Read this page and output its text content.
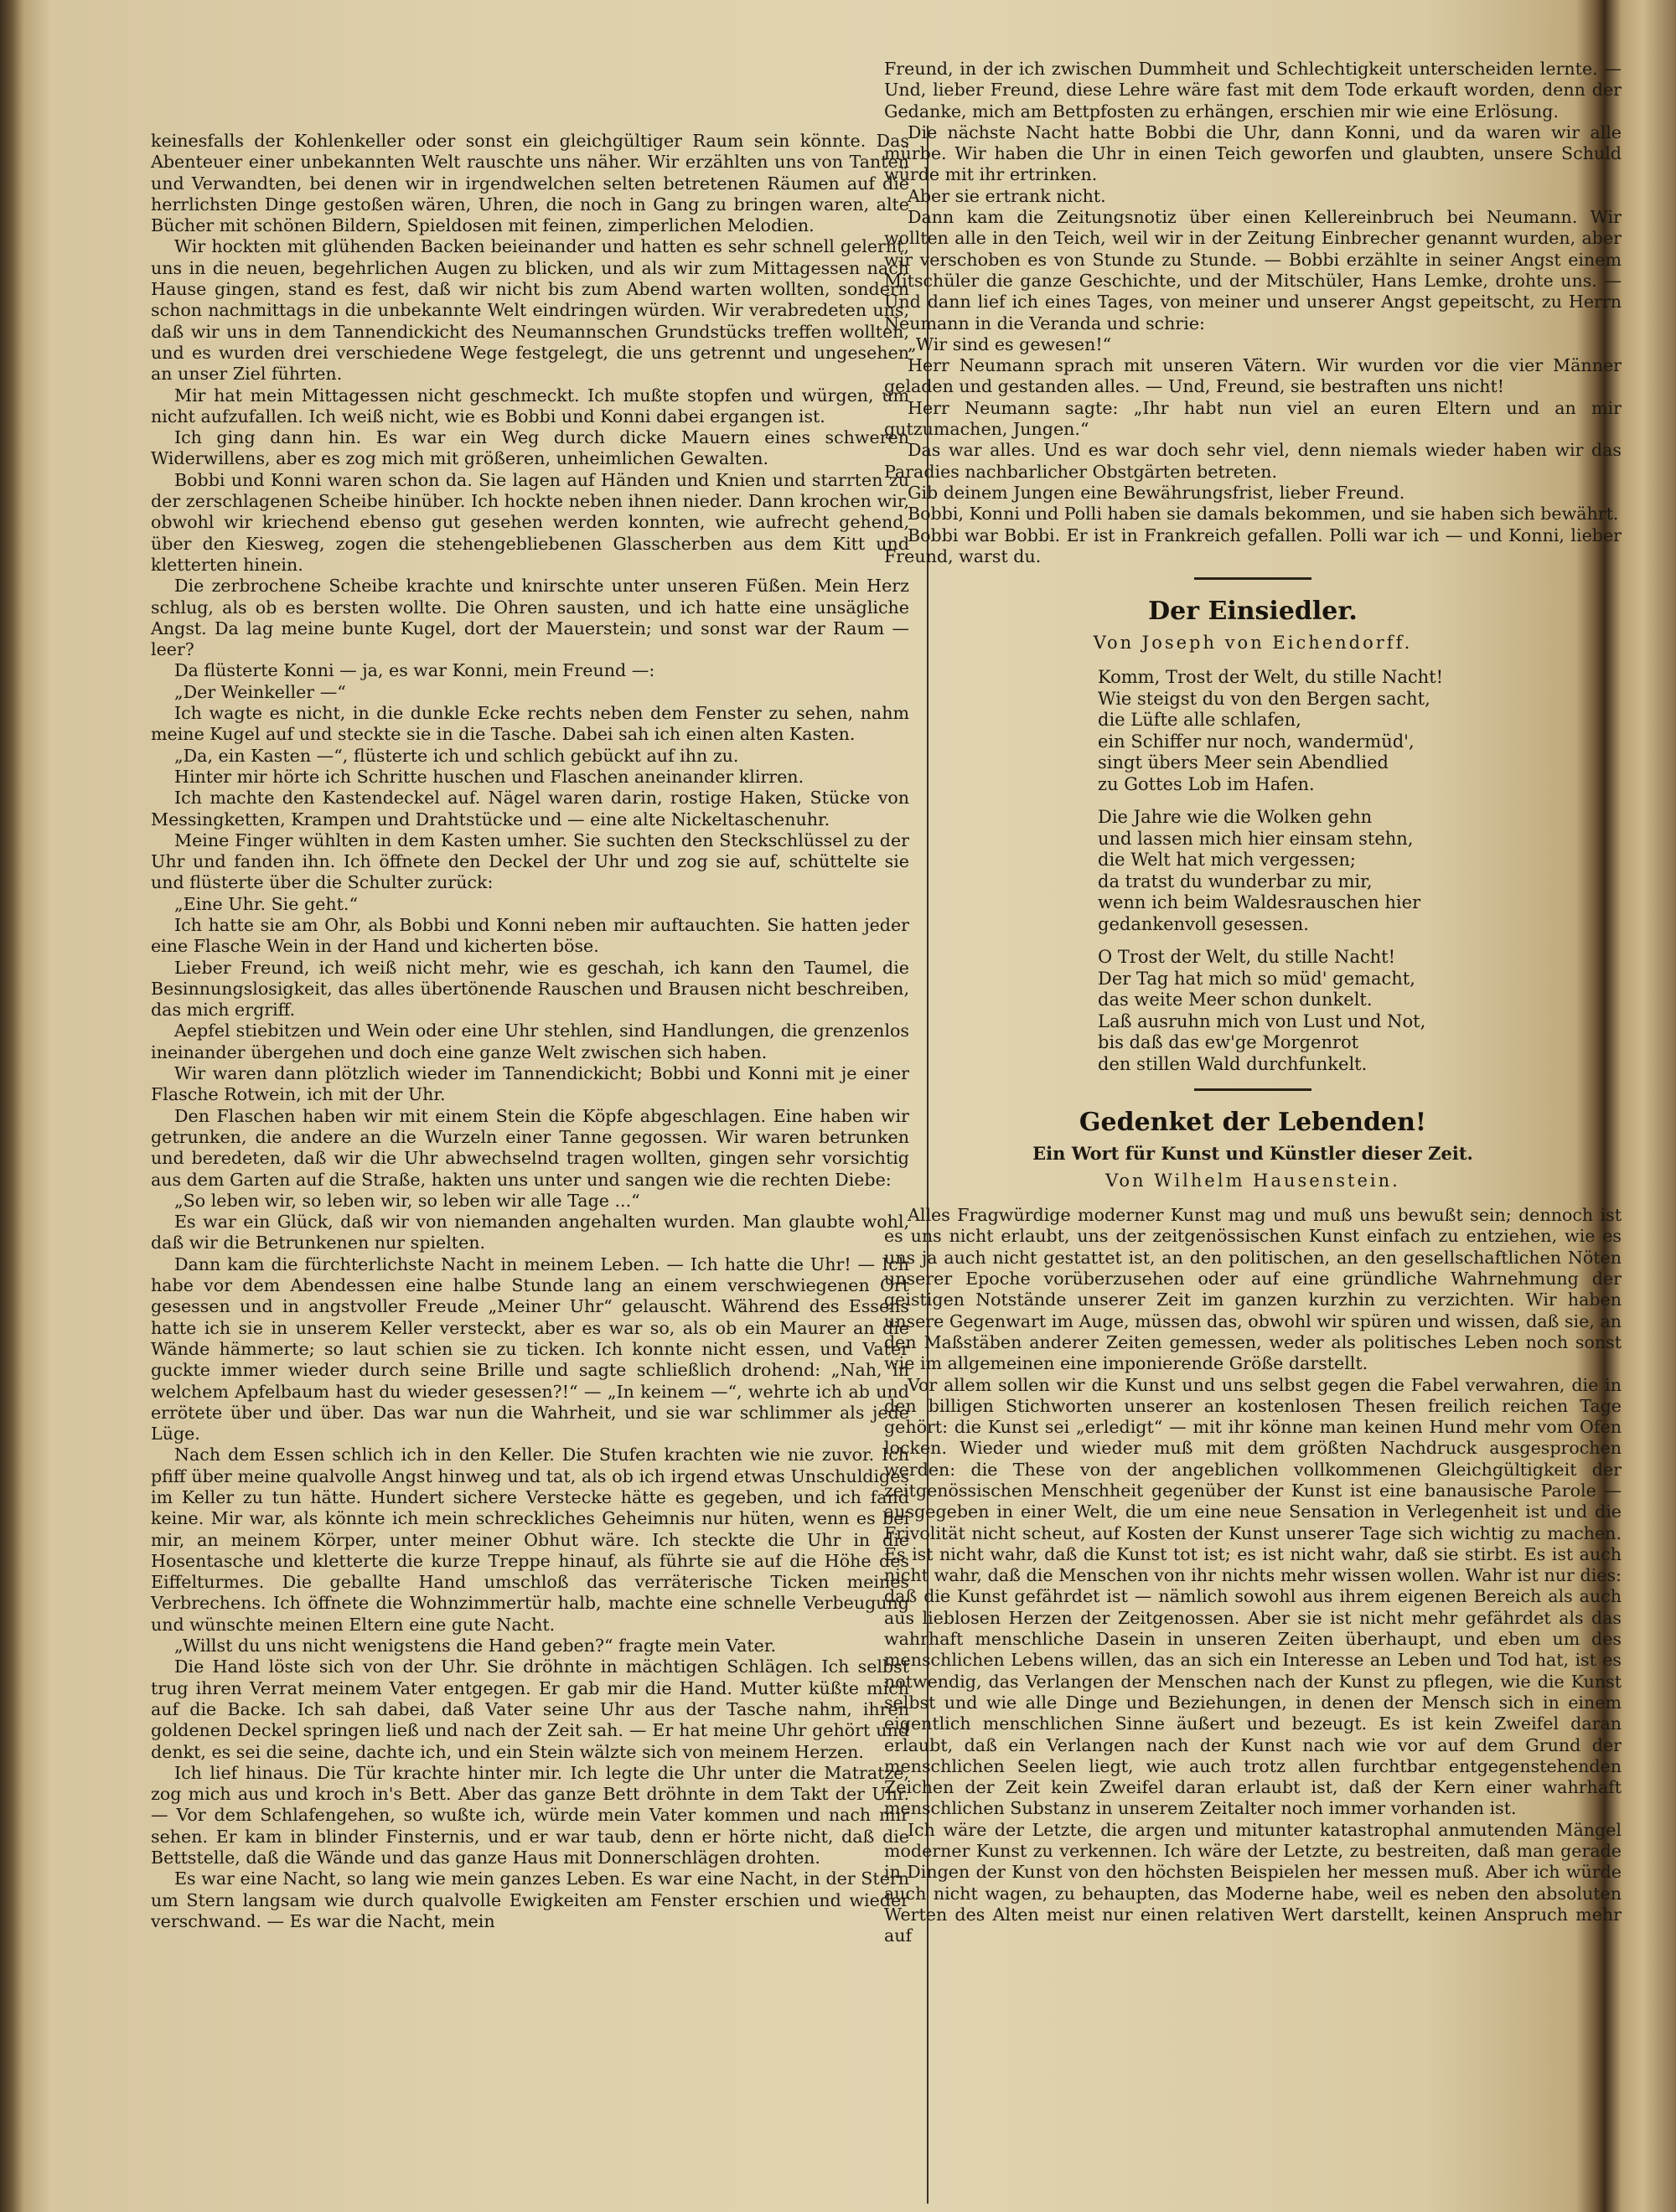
keinesfalls der Kohlenkeller oder sonst ein gleichgültiger Raum sein könnte. Das Abenteuer einer unbekannten Welt rauschte uns näher. Wir erzählten uns von Tanten und Verwandten, bei denen wir in irgendwelchen selten betretenen Räumen auf die herrlichsten Dinge gestoßen wären, Uhren, die noch in Gang zu bringen waren, alte Bücher mit schönen Bildern, Spieldosen mit feinen, zimperlichen Melodien.

Wir hockten mit glühenden Backen beieinander und hatten es sehr schnell gelernt, uns in die neuen, begehrlichen Augen zu blicken, und als wir zum Mittagessen nach Hause gingen, stand es fest, daß wir nicht bis zum Abend warten wollten, sondern schon nachmittags in die unbekannte Welt eindringen würden. Wir verabredeten uns, daß wir uns in dem Tannendickicht des Neumannschen Grundstücks treffen wollten, und es wurden drei verschiedene Wege festgelegt, die uns getrennt und ungesehen an unser Ziel führten.

Mir hat mein Mittagessen nicht geschmeckt. Ich mußte stopfen und würgen, um nicht aufzufallen. Ich weiß nicht, wie es Bobbi und Konni dabei ergangen ist.

Ich ging dann hin. Es war ein Weg durch dicke Mauern eines schweren Widerwillens, aber es zog mich mit größeren, unheimlichen Gewalten.

Bobbi und Konni waren schon da. Sie lagen auf Händen und Knien und starrten zu der zerschlagenen Scheibe hinüber. Ich hockte neben ihnen nieder. Dann krochen wir, obwohl wir kriechend ebenso gut gesehen werden konnten, wie aufrecht gehend, über den Kiesweg, zogen die stehengebliebenen Glasscherben aus dem Kitt und kletterten hinein.

Die zerbrochene Scheibe krachte und knirschte unter unseren Füßen. Mein Herz schlug, als ob es bersten wollte. Die Ohren sausten, und ich hatte eine unsägliche Angst. Da lag meine bunte Kugel, dort der Mauerstein; und sonst war der Raum — leer?

Da flüsterte Konni — ja, es war Konni, mein Freund —:

„Der Weinkeller —“

Ich wagte es nicht, in die dunkle Ecke rechts neben dem Fenster zu sehen, nahm meine Kugel auf und steckte sie in die Tasche. Dabei sah ich einen alten Kasten.

„Da, ein Kasten —“, flüsterte ich und schlich gebückt auf ihn zu.

Hinter mir hörte ich Schritte huschen und Flaschen aneinander klirren.

Ich machte den Kastendeckel auf. Nägel waren darin, rostige Haken, Stücke von Messingketten, Krampen und Drahtstücke und — eine alte Nickeltaschenuhr.

Meine Finger wühlten in dem Kasten umher. Sie suchten den Steckschlüssel zu der Uhr und fanden ihn. Ich öffnete den Deckel der Uhr und zog sie auf, schüttelte sie und flüsterte über die Schulter zurück:

„Eine Uhr. Sie geht.“

Ich hatte sie am Ohr, als Bobbi und Konni neben mir auftauchten. Sie hatten jeder eine Flasche Wein in der Hand und kicherten böse.

Lieber Freund, ich weiß nicht mehr, wie es geschah, ich kann den Taumel, die Besinnungslosigkeit, das alles übertönende Rauschen und Brausen nicht beschreiben, das mich ergriff.

Aepfel stiebitzen und Wein oder eine Uhr stehlen, sind Handlungen, die grenzenlos ineinander übergehen und doch eine ganze Welt zwischen sich haben.

Wir waren dann plötzlich wieder im Tannendickicht; Bobbi und Konni mit je einer Flasche Rotwein, ich mit der Uhr.

Den Flaschen haben wir mit einem Stein die Köpfe abgeschlagen. Eine haben wir getrunken, die andere an die Wurzeln einer Tanne gegossen. Wir waren betrunken und beredeten, daß wir die Uhr abwechselnd tragen wollten, gingen sehr vorsichtig aus dem Garten auf die Straße, hakten uns unter und sangen wie die rechten Diebe:

„So leben wir, so leben wir, so leben wir alle Tage ...“

Es war ein Glück, daß wir von niemanden angehalten wurden. Man glaubte wohl, daß wir die Betrunkenen nur spielten.

Dann kam die fürchterlichste Nacht in meinem Leben. — Ich hatte die Uhr! — Ich habe vor dem Abendessen eine halbe Stunde lang an einem verschwiegenen Ort gesessen und in angstvoller Freude „Meiner Uhr“ gelauscht. Während des Essens hatte ich sie in unserem Keller versteckt, aber es war so, als ob ein Maurer an die Wände hämmerte; so laut schien sie zu ticken. Ich konnte nicht essen, und Vater guckte immer wieder durch seine Brille und sagte schließlich drohend: „Nah, in welchem Apfelbaum hast du wieder gesessen?!“ — „In keinem —“, wehrte ich ab und errötete über und über. Das war nun die Wahrheit, und sie war schlimmer als jede Lüge.

Nach dem Essen schlich ich in den Keller. Die Stufen krachten wie nie zuvor. Ich pfiff über meine qualvolle Angst hinweg und tat, als ob ich irgend etwas Unschuldiges im Keller zu tun hätte. Hundert sichere Verstecke hätte es gegeben, und ich fand keine. Mir war, als könnte ich mein schreckliches Geheimnis nur hüten, wenn es bei mir, an meinem Körper, unter meiner Obhut wäre. Ich steckte die Uhr in die Hosentasche und kletterte die kurze Treppe hinauf, als führte sie auf die Höhe des Eiffelturmes. Die geballte Hand umschloß das verräterische Ticken meines Verbrechens. Ich öffnete die Wohnzimmertür halb, machte eine schnelle Verbeugung und wünschte meinen Eltern eine gute Nacht.

„Willst du uns nicht wenigstens die Hand geben?“ fragte mein Vater.

Die Hand löste sich von der Uhr. Sie dröhnte in mächtigen Schlägen. Ich selbst trug ihren Verrat meinem Vater entgegen. Er gab mir die Hand. Mutter küßte mich auf die Backe. Ich sah dabei, daß Vater seine Uhr aus der Tasche nahm, ihren goldenen Deckel springen ließ und nach der Zeit sah. — Er hat meine Uhr gehört und denkt, es sei die seine, dachte ich, und ein Stein wälzte sich von meinem Herzen.

Ich lief hinaus. Die Tür krachte hinter mir. Ich legte die Uhr unter die Matratze, zog mich aus und kroch in's Bett. Aber das ganze Bett dröhnte in dem Takt der Uhr. — Vor dem Schlafengehen, so wußte ich, würde mein Vater kommen und nach mir sehen. Er kam in blinder Finsternis, und er war taub, denn er hörte nicht, daß die Bettstelle, daß die Wände und das ganze Haus mit Donnerschlägen drohten.

Es war eine Nacht, so lang wie mein ganzes Leben. Es war eine Nacht, in der Stern um Stern langsam wie durch qualvolle Ewigkeiten am Fenster erschien und wieder verschwand. — Es war die Nacht, mein

Freund, in der ich zwischen Dummheit und Schlechtigkeit unterscheiden lernte. — Und, lieber Freund, diese Lehre wäre fast mit dem Tode erkauft worden, denn der Gedanke, mich am Bettpfosten zu erhängen, erschien mir wie eine Erlösung.

Die nächste Nacht hatte Bobbi die Uhr, dann Konni, und da waren wir alle mürbe. Wir haben die Uhr in einen Teich geworfen und glaubten, unsere Schuld würde mit ihr ertrinken.

Aber sie ertrank nicht.

Dann kam die Zeitungsnotiz über einen Kellereinbruch bei Neumann. Wir wollten alle in den Teich, weil wir in der Zeitung Einbrecher genannt wurden, aber wir verschoben es von Stunde zu Stunde. — Bobbi erzählte in seiner Angst einem Mitschüler die ganze Geschichte, und der Mitschüler, Hans Lemke, drohte uns. — Und dann lief ich eines Tages, von meiner und unserer Angst gepeitscht, zu Herrn Neumann in die Veranda und schrie:

„Wir sind es gewesen!“

Herr Neumann sprach mit unseren Vätern. Wir wurden vor die vier Männer geladen und gestanden alles. — Und, Freund, sie bestraften uns nicht!

Herr Neumann sagte: „Ihr habt nun viel an euren Eltern und an mir gutzumachen, Jungen.“

Das war alles. Und es war doch sehr viel, denn niemals wieder haben wir das Paradies nachbarlicher Obstgärten betreten.

Gib deinem Jungen eine Bewährungsfrist, lieber Freund.

Bobbi, Konni und Polli haben sie damals bekommen, und sie haben sich bewährt.

Bobbi war Bobbi. Er ist in Frankreich gefallen. Polli war ich — und Konni, lieber Freund, warst du.

Der Einsiedler.
Von Joseph von Eichendorff.
Komm, Trost der Welt, du stille Nacht!
Wie steigst du von den Bergen sacht,
die Lüfte alle schlafen,
ein Schiffer nur noch, wandermüd',
singt übers Meer sein Abendlied
zu Gottes Lob im Hafen.
Die Jahre wie die Wolken gehn
und lassen mich hier einsam stehn,
die Welt hat mich vergessen;
da tratst du wunderbar zu mir,
wenn ich beim Waldesrauschen hier
gedankenvoll gesessen.
O Trost der Welt, du stille Nacht!
Der Tag hat mich so müd' gemacht,
das weite Meer schon dunkelt.
Laß ausruhn mich von Lust und Not,
bis daß das ew'ge Morgenrot
den stillen Wald durchfunkelt.
Gedenket der Lebenden!
Ein Wort für Kunst und Künstler dieser Zeit.
Von Wilhelm Hausenstein.

Alles Fragwürdige moderner Kunst mag und muß uns bewußt sein; dennoch ist es uns nicht erlaubt, uns der zeitgenössischen Kunst einfach zu entziehen, wie es uns ja auch nicht gestattet ist, an den politischen, an den gesellschaftlichen Nöten unserer Epoche vorüberzusehen oder auf eine gründliche Wahrnehmung der geistigen Notstände unserer Zeit im ganzen kurzhin zu verzichten. Wir haben unsere Gegenwart im Auge, müssen das, obwohl wir spüren und wissen, daß sie, an den Maßstäben anderer Zeiten gemessen, weder als politisches Leben noch sonst wie im allgemeinen eine imponierende Größe darstellt.

Vor allem sollen wir die Kunst und uns selbst gegen die Fabel verwahren, die in den billigen Stichworten unserer an kostenlosen Thesen freilich reichen Tage gehört: die Kunst sei „erledigt“ — mit ihr könne man keinen Hund mehr vom Ofen locken. Wieder und wieder muß mit dem größten Nachdruck ausgesprochen werden: die These von der angeblichen vollkommenen Gleichgültigkeit der zeitgenössischen Menschheit gegenüber der Kunst ist eine banausische Parole — ausgegeben in einer Welt, die um eine neue Sensation in Verlegenheit ist und die Frivolität nicht scheut, auf Kosten der Kunst unserer Tage sich wichtig zu machen. Es ist nicht wahr, daß die Kunst tot ist; es ist nicht wahr, daß sie stirbt. Es ist auch nicht wahr, daß die Menschen von ihr nichts mehr wissen wollen. Wahr ist nur dies: daß die Kunst gefährdet ist — nämlich sowohl aus ihrem eigenen Bereich als auch aus lieblosen Herzen der Zeitgenossen. Aber sie ist nicht mehr gefährdet als das wahrhaft menschliche Dasein in unseren Zeiten überhaupt, und eben um des menschlichen Lebens willen, das an sich ein Interesse an Leben und Tod hat, ist es notwendig, das Verlangen der Menschen nach der Kunst zu pflegen, wie die Kunst selbst und wie alle Dinge und Beziehungen, in denen der Mensch sich in einem eigentlich menschlichen Sinne äußert und bezeugt. Es ist kein Zweifel daran erlaubt, daß ein Verlangen nach der Kunst nach wie vor auf dem Grund der menschlichen Seelen liegt, wie auch trotz allen furchtbar entgegenstehenden Zeichen der Zeit kein Zweifel daran erlaubt ist, daß der Kern einer wahrhaft menschlichen Substanz in unserem Zeitalter noch immer vorhanden ist.

Ich wäre der Letzte, die argen und mitunter katastrophal anmutenden Mängel moderner Kunst zu verkennen. Ich wäre der Letzte, zu bestreiten, daß man gerade in Dingen der Kunst von den höchsten Beispielen her messen muß. Aber ich würde auch nicht wagen, zu behaupten, das Moderne habe, weil es neben den absoluten Werten des Alten meist nur einen relativen Wert darstellt, keinen Anspruch mehr auf
